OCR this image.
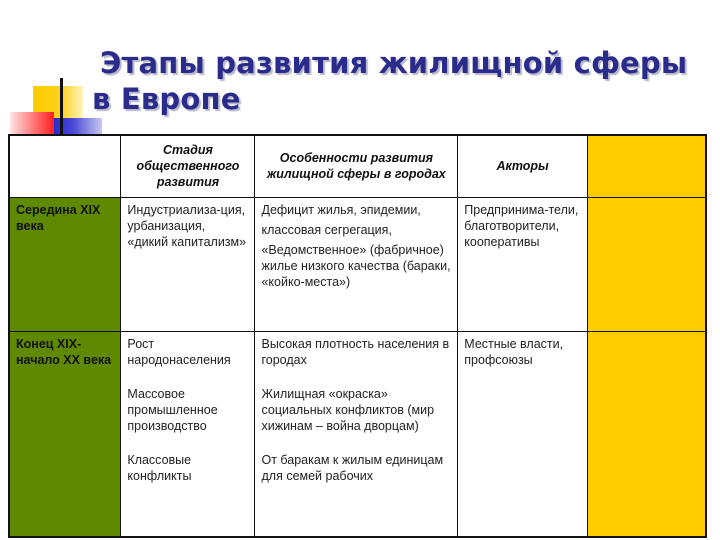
Этапы развития жилищной сферы
в Европе
	Стадия общественного развития	Особенности развития жилищной сферы в городах	Акторы	
Середина XIX века	Индустриализа-ция, урбанизация, «дикий капитализм»	Дефицит жилья, эпидемии,
классовая сегрегация,
«Ведомственное» (фабричное) жилье низкого качества (бараки, «койко-места»)	Предпринима-тели, благотворители, кооперативы	
Конец XIX-начало XX века	Рост народонаселения
Массовое промышленное производство
Классовые конфликты	Высокая плотность населения в городах
Жилищная «окраска» социальных конфликтов (мир хижинам – война дворцам)
От баракам к жилым единицам для семей рабочих	Местные власти, профсоюзы	
